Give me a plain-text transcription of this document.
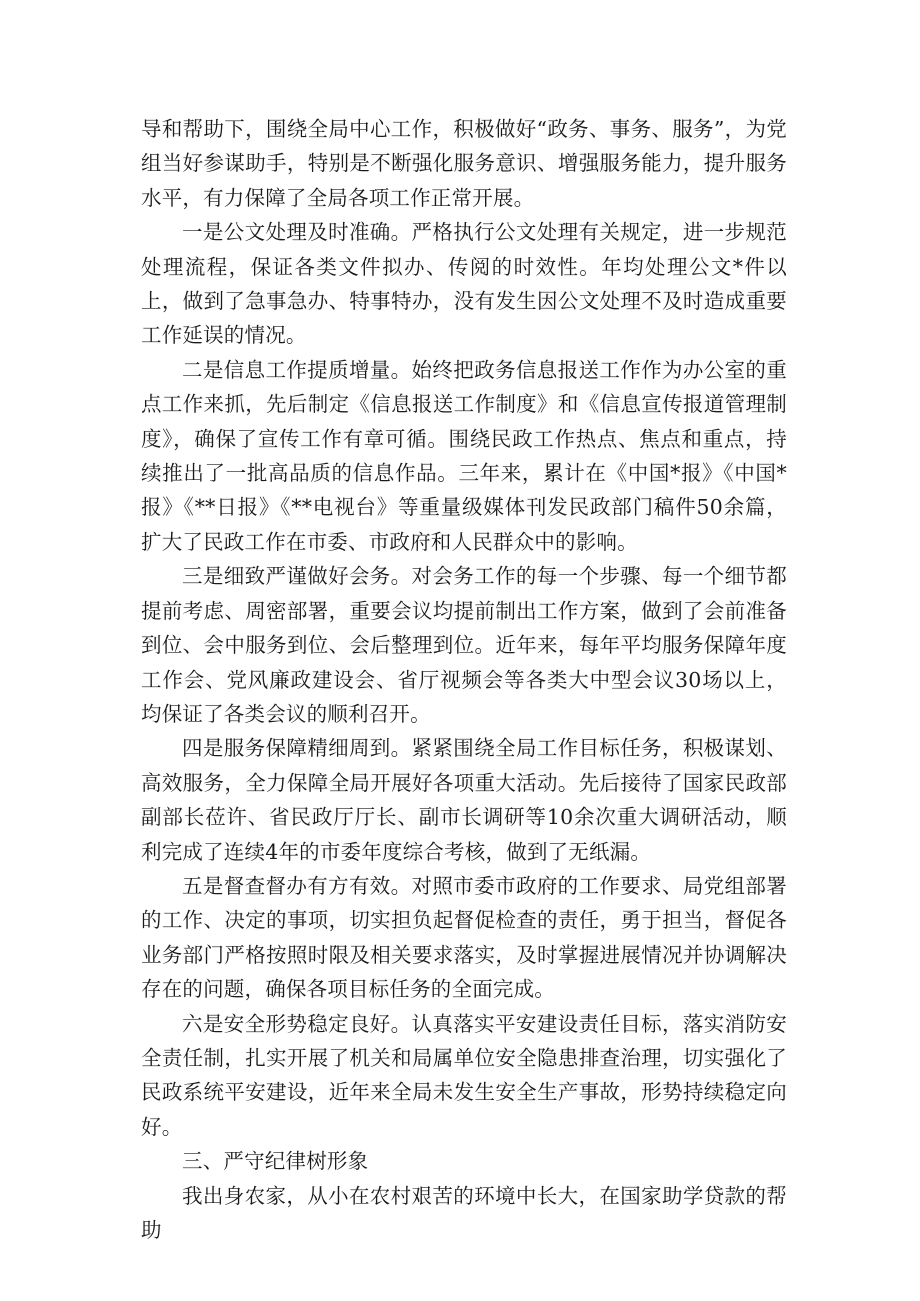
导和帮助下，围绕全局中心工作，积极做好“政务、事务、服务”，为党组当好参谋助手，特别是不断强化服务意识、增强服务能力，提升服务水平，有力保障了全局各项工作正常开展。

一是公文处理及时准确。严格执行公文处理有关规定，进一步规范处理流程，保证各类文件拟办、传阅的时效性。年均处理公文*件以上，做到了急事急办、特事特办，没有发生因公文处理不及时造成重要工作延误的情况。

二是信息工作提质增量。始终把政务信息报送工作作为办公室的重点工作来抓，先后制定《信息报送工作制度》和《信息宣传报道管理制度》，确保了宣传工作有章可循。围绕民政工作热点、焦点和重点，持续推出了一批高品质的信息作品。三年来，累计在《中国*报》《中国*报》《**日报》《**电视台》等重量级媒体刊发民政部门稿件50余篇，扩大了民政工作在市委、市政府和人民群众中的影响。

三是细致严谨做好会务。对会务工作的每一个步骤、每一个细节都提前考虑、周密部署，重要会议均提前制出工作方案，做到了会前准备到位、会中服务到位、会后整理到位。近年来，每年平均服务保障年度工作会、党风廉政建设会、省厅视频会等各类大中型会议30场以上，均保证了各类会议的顺利召开。

四是服务保障精细周到。紧紧围绕全局工作目标任务，积极谋划、高效服务，全力保障全局开展好各项重大活动。先后接待了国家民政部副部长莅许、省民政厅厅长、副市长调研等10余次重大调研活动，顺利完成了连续4年的市委年度综合考核，做到了无纸漏。

五是督查督办有方有效。对照市委市政府的工作要求、局党组部署的工作、决定的事项，切实担负起督促检查的责任，勇于担当，督促各业务部门严格按照时限及相关要求落实，及时掌握进展情况并协调解决存在的问题，确保各项目标任务的全面完成。

六是安全形势稳定良好。认真落实平安建设责任目标，落实消防安全责任制，扎实开展了机关和局属单位安全隐患排查治理，切实强化了民政系统平安建设，近年来全局未发生安全生产事故，形势持续稳定向好。

三、严守纪律树形象

我出身农家，从小在农村艰苦的环境中长大，在国家助学贷款的帮助
